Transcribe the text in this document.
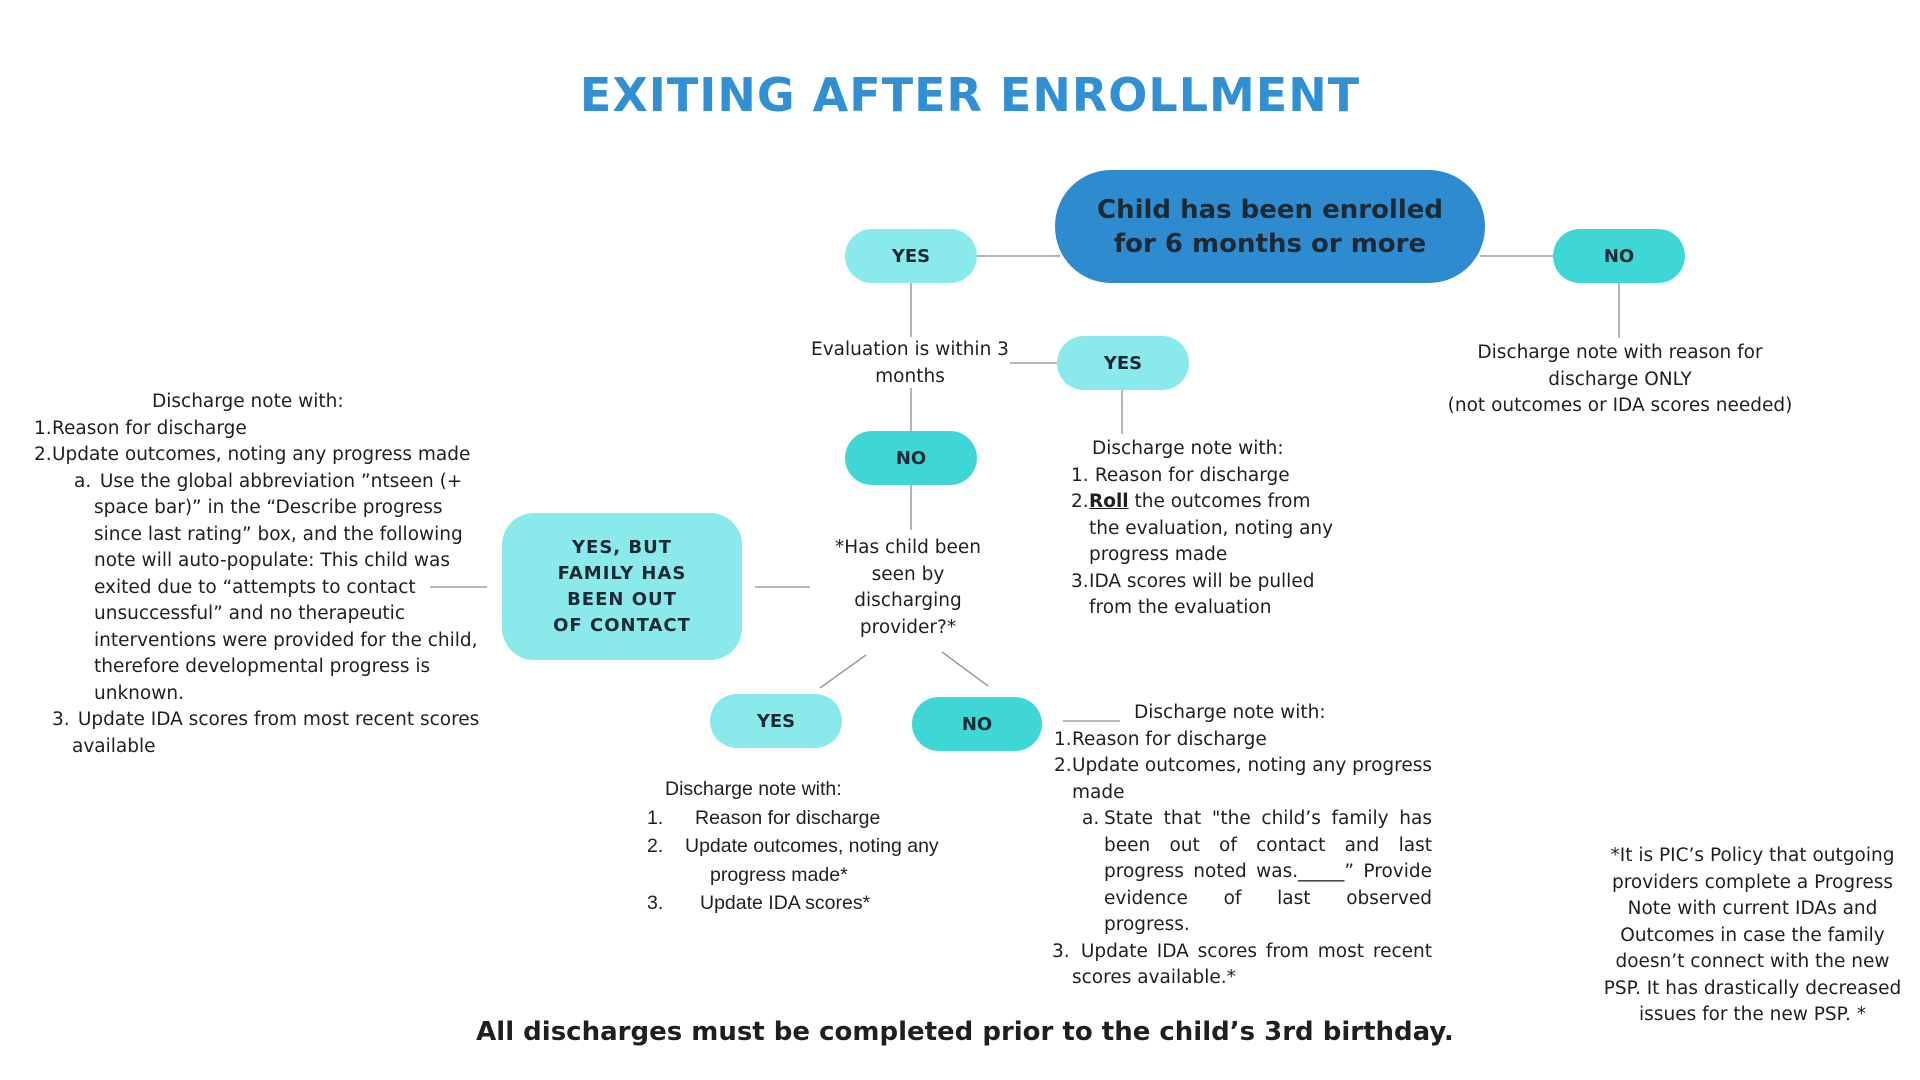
EXITING AFTER ENROLLMENT
Child has been enrolled for 6 months or more
YES	NO
YES
NO
YES	NO
YES, BUT FAMILY HAS BEEN OUT OF CONTACT
Evaluation is within 3 months
*Has child been seen by discharging provider?*
Discharge note with reason for
discharge ONLY
(not outcomes or IDA scores needed)
Discharge note with:
1. Reason for discharge
2. Roll the outcomes from the evaluation, noting any progress made
3. IDA scores will be pulled from the evaluation
Discharge note with:
1. Reason for discharge
2. Update outcomes, noting any progress made
a. Use the global abbreviation ”ntseen (+ space bar)” in the “Describe progress since last rating” box, and the following note will auto-populate: This child was exited due to “attempts to contact unsuccessful” and no therapeutic interventions were provided for the child, therefore developmental progress is unknown.
3. Update IDA scores from most recent scores available
Discharge note with:
1. Reason for discharge
2. Update outcomes, noting any progress made*
3. Update IDA scores*
Discharge note with:
1. Reason for discharge
2. Update outcomes, noting any progress made
a. State that "the child’s family has been out of contact and last progress noted was._____” Provide evidence of last observed progress.
3. Update IDA scores from most recent scores available.*
*It is PIC’s Policy that outgoing providers complete a Progress Note with current IDAs and Outcomes in case the family doesn’t connect with the new PSP. It has drastically decreased issues for the new PSP. *
All discharges must be completed prior to the child’s 3rd birthday.
